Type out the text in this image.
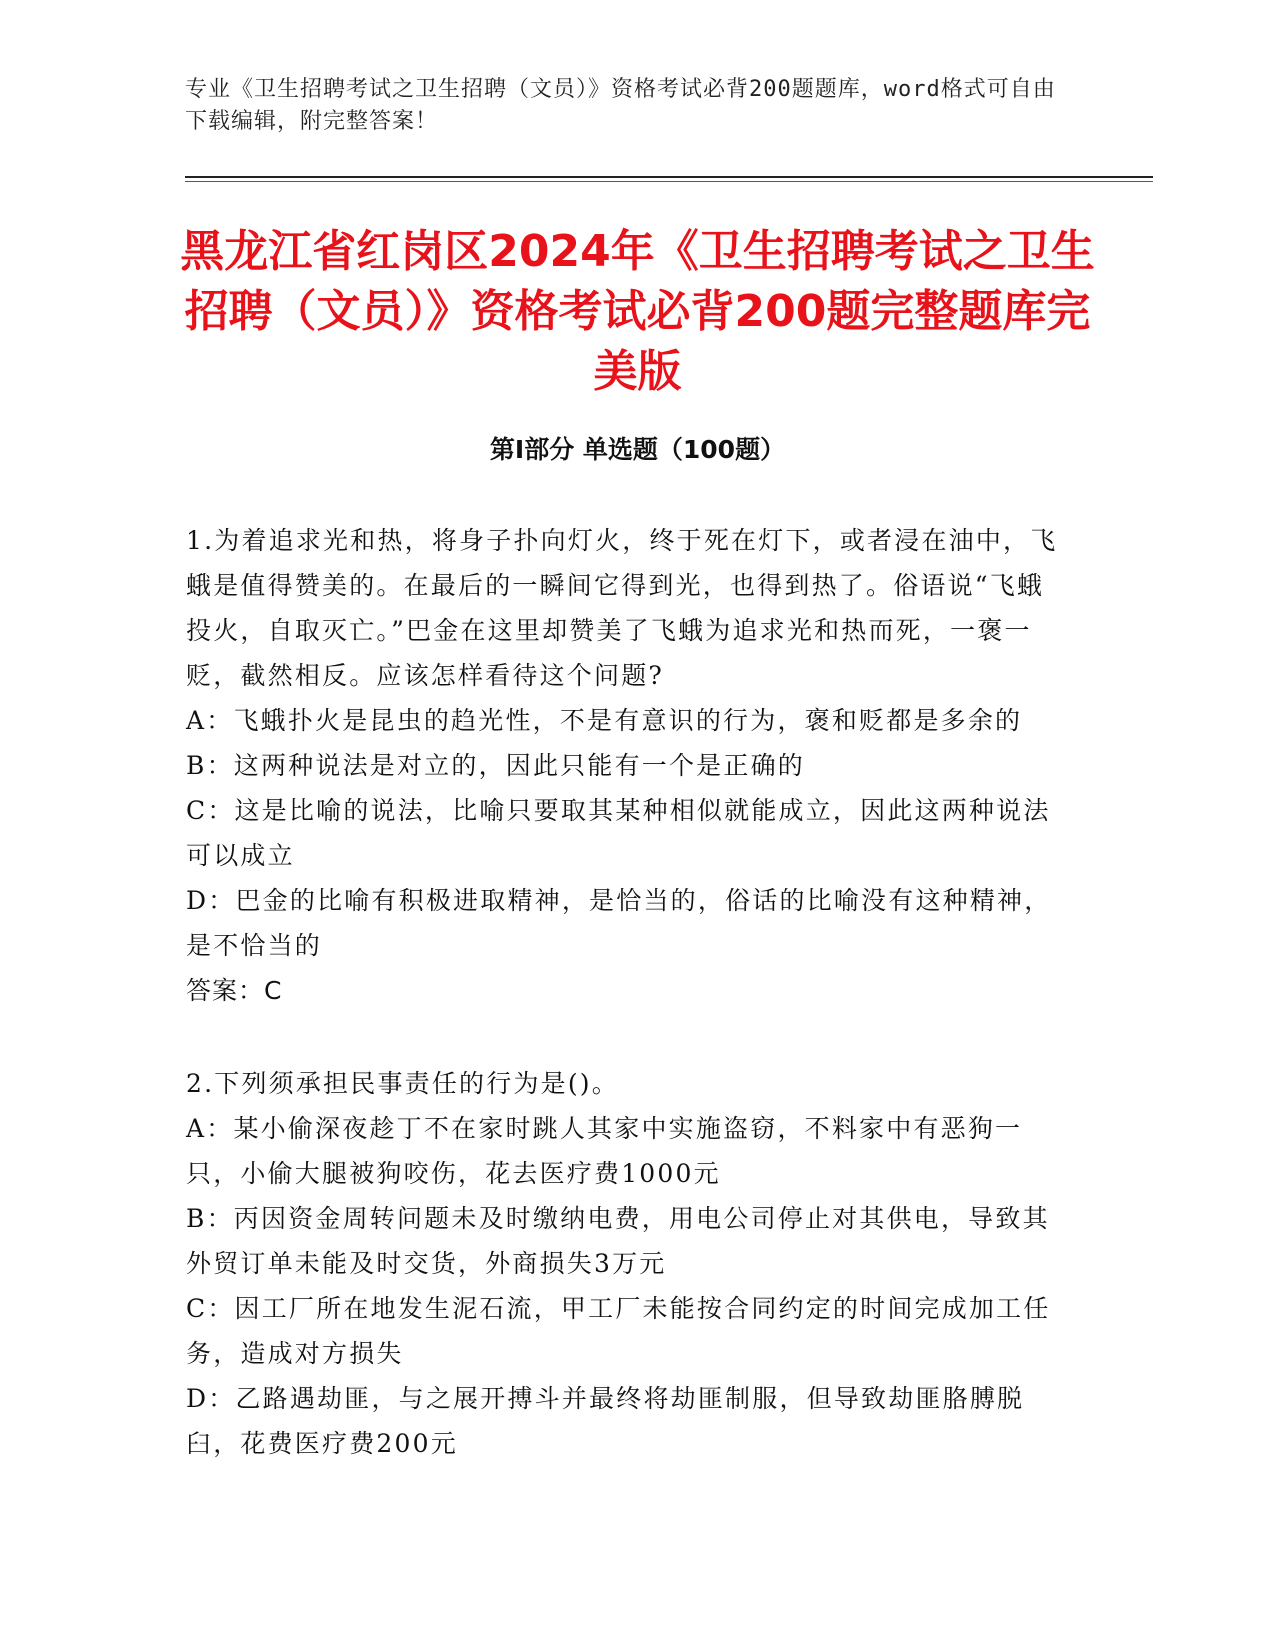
专业《卫生招聘考试之卫生招聘（文员）》资格考试必背200题题库，word格式可自由下载编辑，附完整答案！
黑龙江省红岗区2024年《卫生招聘考试之卫生招聘（文员）》资格考试必背200题完整题库完美版
第Ⅰ部分 单选题（100题）

1.为着追求光和热，将身子扑向灯火，终于死在灯下，或者浸在油中，飞蛾是值得赞美的。在最后的一瞬间它得到光，也得到热了。俗语说“飞蛾投火，自取灭亡。”巴金在这里却赞美了飞蛾为追求光和热而死，一褒一贬，截然相反。应该怎样看待这个问题?

A：飞蛾扑火是昆虫的趋光性，不是有意识的行为，褒和贬都是多余的

B：这两种说法是对立的，因此只能有一个是正确的

C：这是比喻的说法，比喻只要取其某种相似就能成立，因此这两种说法可以成立

D：巴金的比喻有积极进取精神，是恰当的，俗话的比喻没有这种精神，是不恰当的

答案：C

2.下列须承担民事责任的行为是()。

A：某小偷深夜趁丁不在家时跳人其家中实施盗窃，不料家中有恶狗一只，小偷大腿被狗咬伤，花去医疗费1000元

B：丙因资金周转问题未及时缴纳电费，用电公司停止对其供电，导致其外贸订单未能及时交货，外商损失3万元

C：因工厂所在地发生泥石流，甲工厂未能按合同约定的时间完成加工任务，造成对方损失

D：乙路遇劫匪，与之展开搏斗并最终将劫匪制服，但导致劫匪胳膊脱臼，花费医疗费200元
